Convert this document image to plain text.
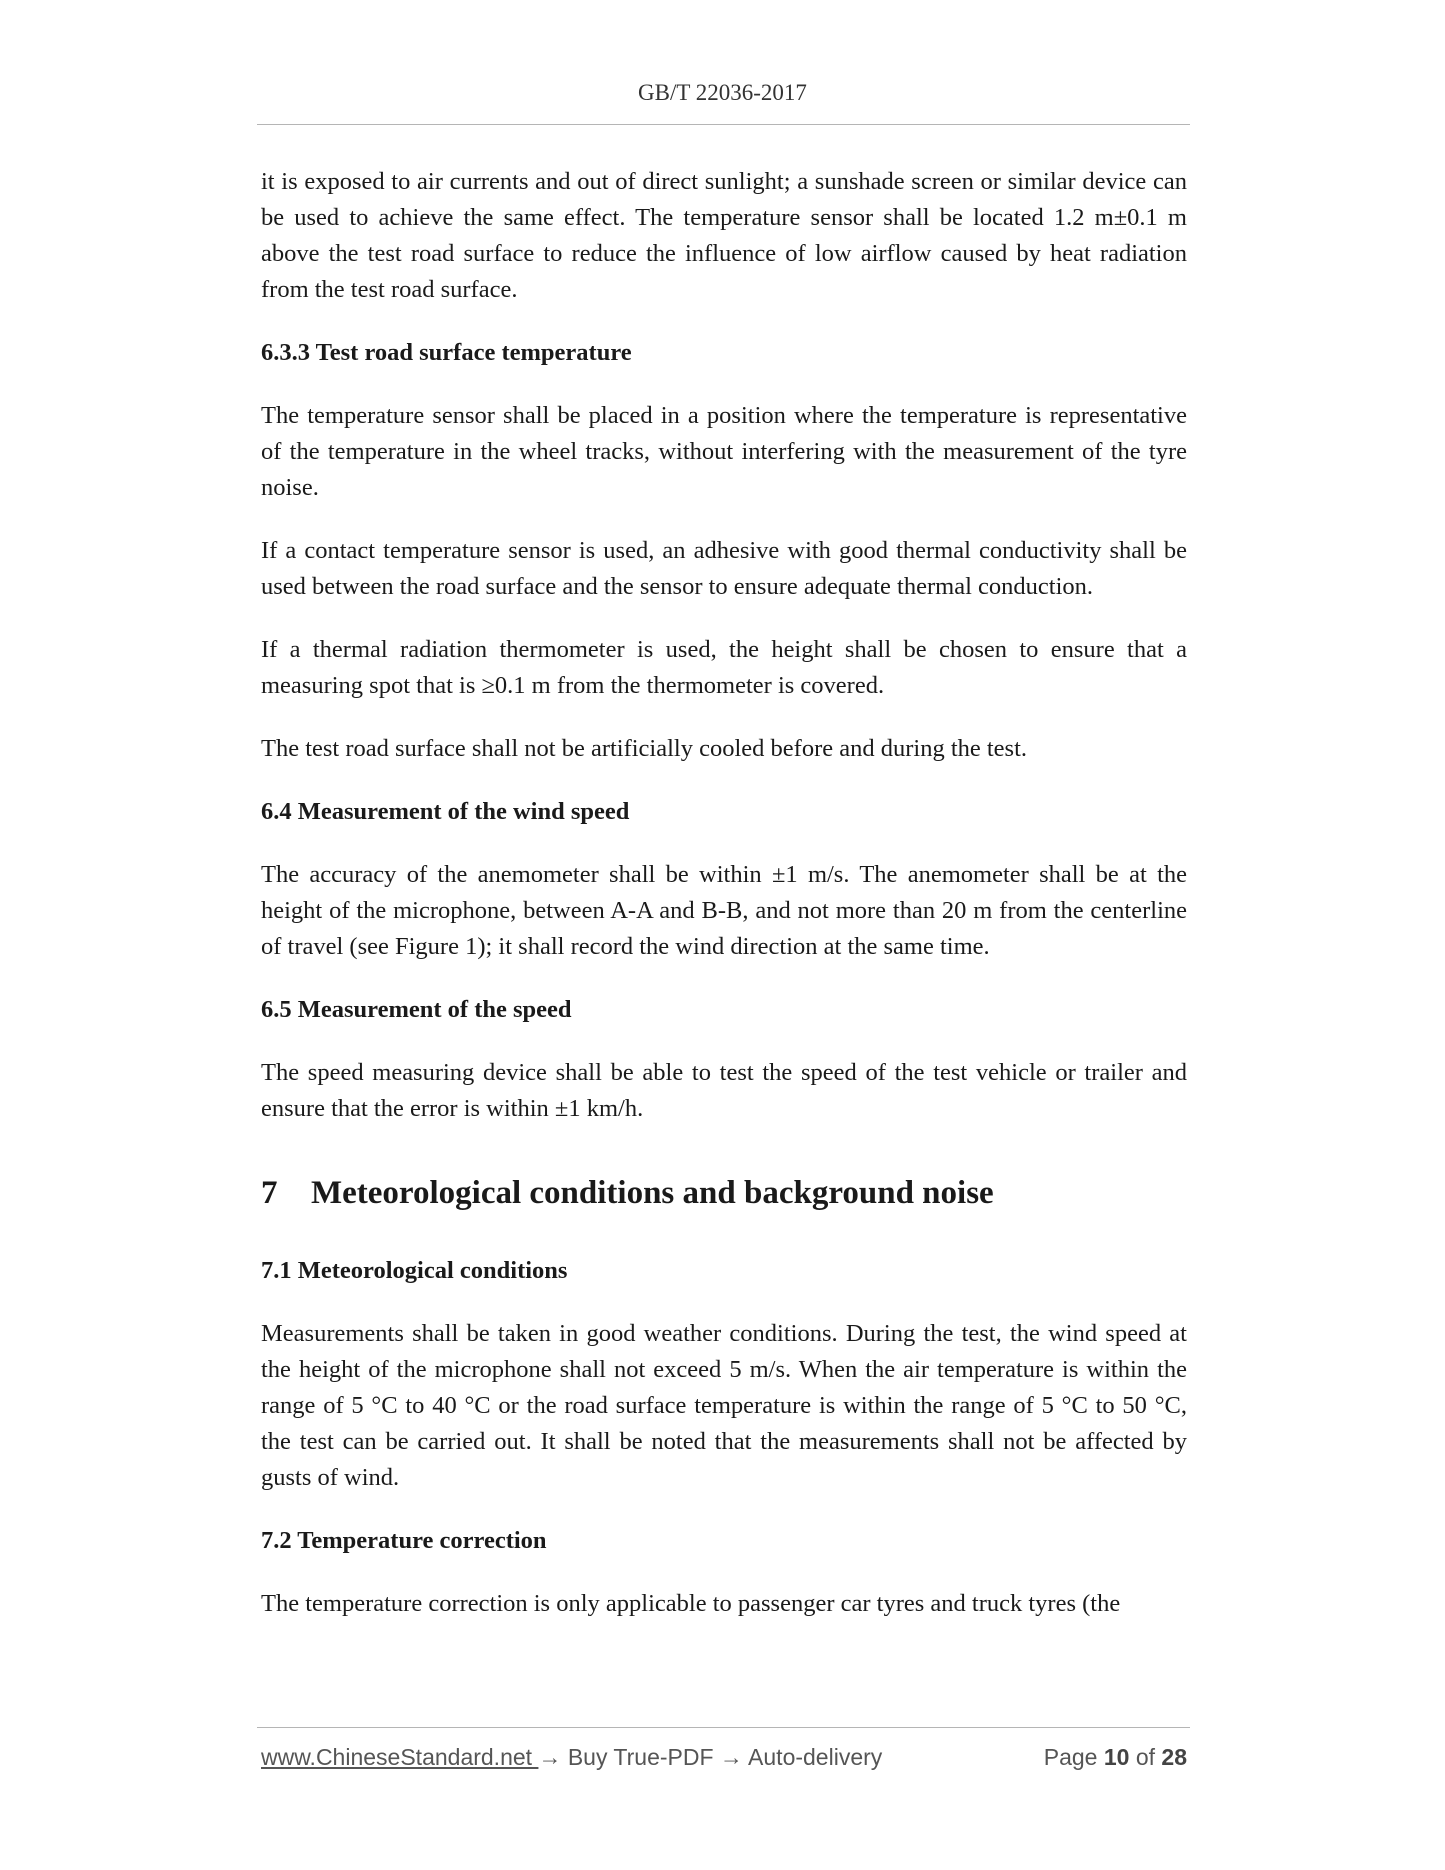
GB/T 22036-2017

it is exposed to air currents and out of direct sunlight; a sunshade screen or similar device can be used to achieve the same effect. The temperature sensor shall be located 1.2 m±0.1 m above the test road surface to reduce the influence of low airflow caused by heat radiation from the test road surface.

6.3.3 Test road surface temperature

The temperature sensor shall be placed in a position where the temperature is representative of the temperature in the wheel tracks, without interfering with the measurement of the tyre noise.

If a contact temperature sensor is used, an adhesive with good thermal conductivity shall be used between the road surface and the sensor to ensure adequate thermal conduction.

If a thermal radiation thermometer is used, the height shall be chosen to ensure that a measuring spot that is ≥0.1 m from the thermometer is covered.

The test road surface shall not be artificially cooled before and during the test.

6.4 Measurement of the wind speed

The accuracy of the anemometer shall be within ±1 m/s. The anemometer shall be at the height of the microphone, between A-A and B-B, and not more than 20 m from the centerline of travel (see Figure 1); it shall record the wind direction at the same time.

6.5 Measurement of the speed

The speed measuring device shall be able to test the speed of the test vehicle or trailer and ensure that the error is within ±1 km/h.

7 Meteorological conditions and background noise
7.1 Meteorological conditions

Measurements shall be taken in good weather conditions. During the test, the wind speed at the height of the microphone shall not exceed 5 m/s. When the air temperature is within the range of 5 °C to 40 °C or the road surface temperature is within the range of 5 °C to 50 °C, the test can be carried out. It shall be noted that the measurements shall not be affected by gusts of wind.

7.2 Temperature correction

The temperature correction is only applicable to passenger car tyres and truck tyres (the

www.ChineseStandard.net → Buy True-PDF → Auto-delivery	Page 10 of 28
